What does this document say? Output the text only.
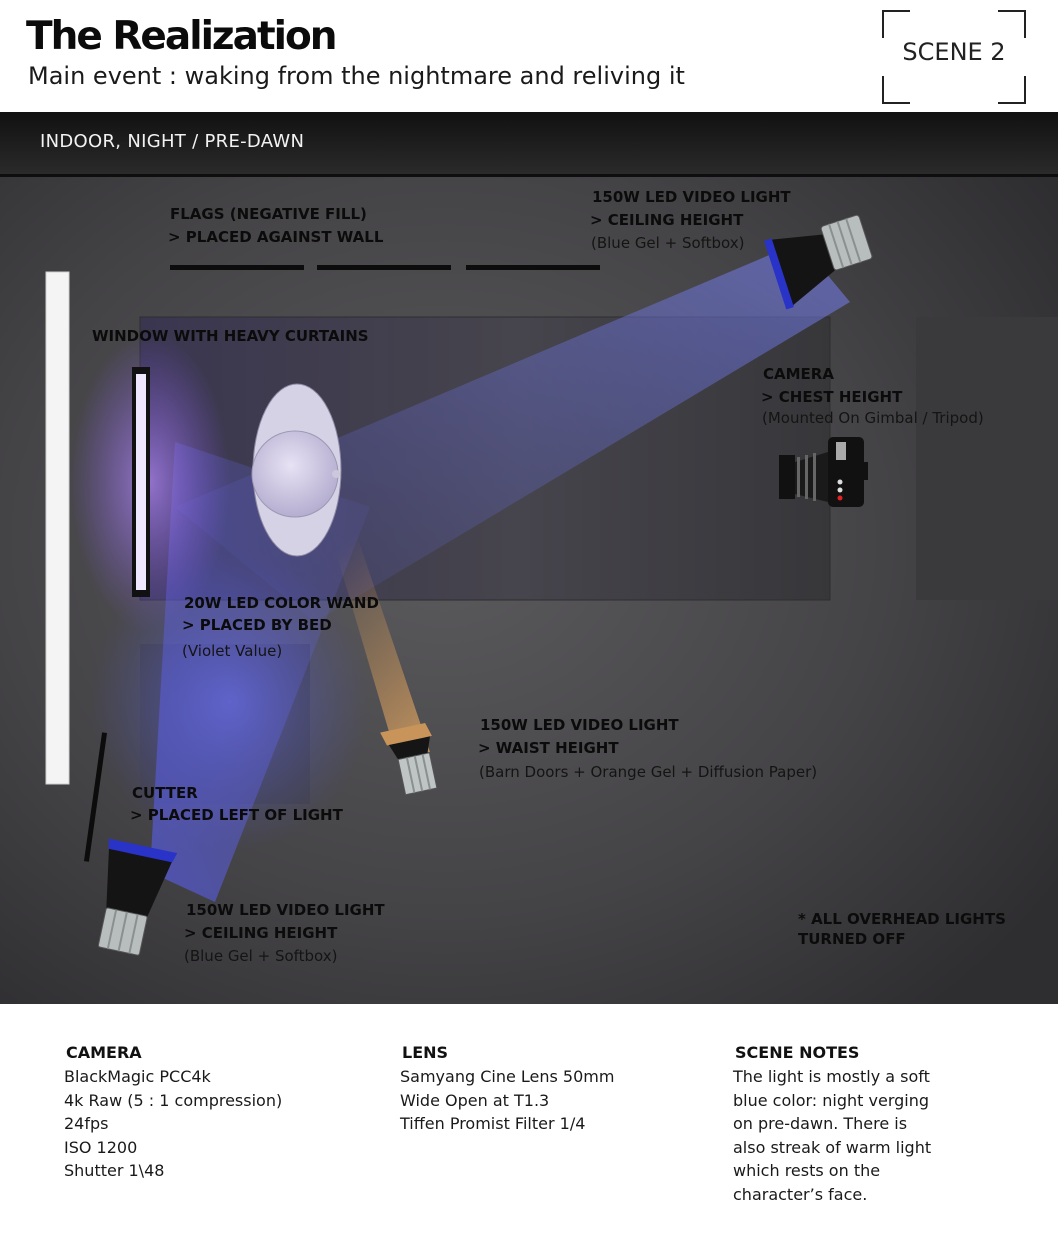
The Realization
Main event : waking from the nightmare and reliving it
SCENE 2
INDOOR, NIGHT / PRE-DAWN
FLAGS (NEGATIVE FILL)
> PLACED AGAINST WALL
150W LED VIDEO LIGHT
> CEILING HEIGHT
(Blue Gel + Softbox)
WINDOW WITH HEAVY CURTAINS
CAMERA
> CHEST HEIGHT
(Mounted On Gimbal / Tripod)
20W LED COLOR WAND
> PLACED BY BED
(Violet Value)
150W LED VIDEO LIGHT
> WAIST HEIGHT
(Barn Doors + Orange Gel + Diffusion Paper)
CUTTER
> PLACED LEFT OF LIGHT
150W LED VIDEO LIGHT
> CEILING HEIGHT
(Blue Gel + Softbox)
* ALL OVERHEAD LIGHTS
TURNED OFF
CAMERA
BlackMagic PCC4k
4k Raw (5 : 1 compression)
24fps
ISO 1200
Shutter 1\48
LENS
Samyang Cine Lens 50mm
Wide Open at T1.3
Tiffen Promist Filter 1/4
SCENE NOTES
The light is mostly a soft
blue color: night verging
on pre-dawn. There is
also streak of warm light
which rests on the
character’s face.
